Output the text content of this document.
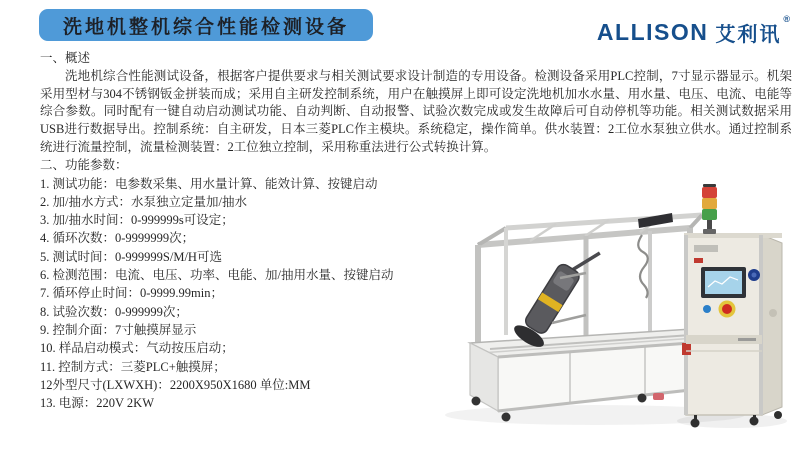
洗地机整机综合性能检测设备	ALLISON 艾利讯
®
一、概述
洗地机综合性能测试设备，根据客户提供要求与相关测试要求设计制造的专用设备。检测设备采用PLC控制，7寸显示器显示。机架采用型材与304不锈钢钣金拼装而成；采用自主研发控制系统，用户在触摸屏上即可设定洗地机加水水量、用水量、电压、电流、电能等综合参数。同时配有一键自动启动测试功能、自动判断、自动报警、试验次数完成或发生故障后可自动停机等功能。相关测试数据采用USB进行数据导出。控制系统：自主研发，日本三菱PLC作主模块。系统稳定，操作简单。供水装置：2工位水泵独立供水。通过控制系统进行流量控制，流量检测装置：2工位独立控制，采用称重法进行公式转换计算。
二、功能参数：
1. 测试功能：电参数采集、用水量计算、能效计算、按键启动
2. 加/抽水方式：水泵独立定量加/抽水
3. 加/抽水时间：0-999999s可设定；
4. 循环次数：0-9999999次；
5. 测试时间：0-999999S/M/H可选
6. 检测范围：电流、电压、功率、电能、加/抽用水量、按键启动
7. 循环停止时间：0-9999.99min；
8. 试验次数：0-999999次；
9. 控制介面：7寸触摸屏显示
10. 样品启动模式：气动按压启动；
11. 控制方式：三菱PLC+触摸屏；
12外型尺寸(LXWXH)：2200X950X1680 单位:MM
13. 电源：220V 2KW
